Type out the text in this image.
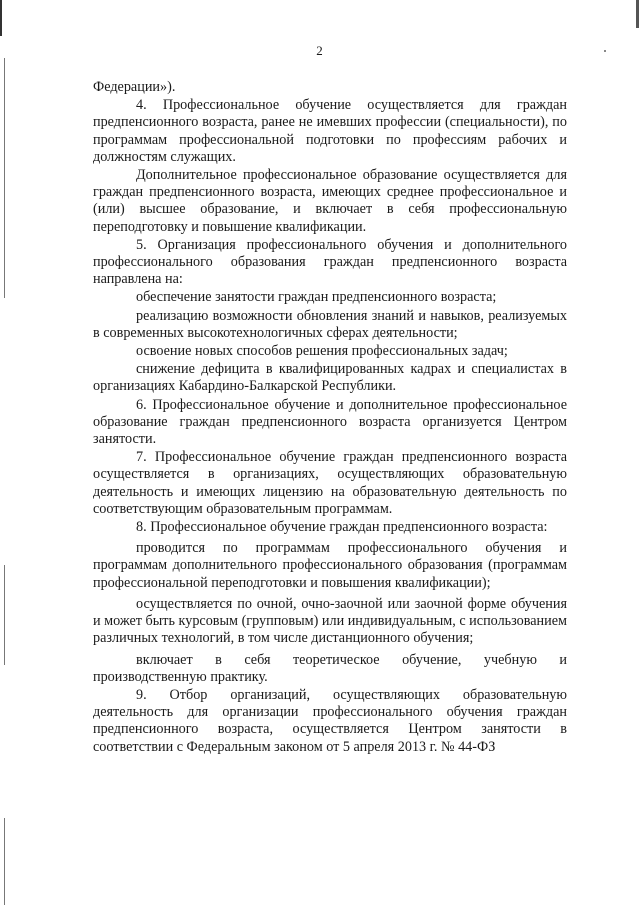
2

Федерации»).

4. Профессиональное обучение осуществляется для граждан предпенсионного возраста, ранее не имевших профессии (специальности), по программам профессиональной подготовки по профессиям рабочих и должностям служащих.

Дополнительное профессиональное образование осуществляется для граждан предпенсионного возраста, имеющих среднее профессиональное и (или) высшее образование, и включает в себя профессиональную переподготовку и повышение квалификации.

5. Организация профессионального обучения и дополнительного профессионального образования граждан предпенсионного возраста направлена на:

обеспечение занятости граждан предпенсионного возраста;

реализацию возможности обновления знаний и навыков, реализуемых в современных высокотехнологичных сферах деятельности;

освоение новых способов решения профессиональных задач;

снижение дефицита в квалифицированных кадрах и специалистах в организациях Кабардино-Балкарской Республики.

6. Профессиональное обучение и дополнительное профессиональное образование граждан предпенсионного возраста организуется Центром занятости.

7. Профессиональное обучение граждан предпенсионного возраста осуществляется в организациях, осуществляющих образовательную деятельность и имеющих лицензию на образовательную деятельность по соответствующим образовательным программам.

8. Профессиональное обучение граждан предпенсионного возраста:

проводится по программам профессионального обучения и программам дополнительного профессионального образования (программам профессиональной переподготовки и повышения квалификации);

осуществляется по очной, очно-заочной или заочной форме обучения и может быть курсовым (групповым) или индивидуальным, с использованием различных технологий, в том числе дистанционного обучения;

включает в себя теоретическое обучение, учебную и производственную практику.

9. Отбор организаций, осуществляющих образовательную деятельность для организации профессионального обучения граждан предпенсионного возраста, осуществляется Центром занятости в соответствии с Федеральным законом от 5 апреля 2013 г. № 44-ФЗ
